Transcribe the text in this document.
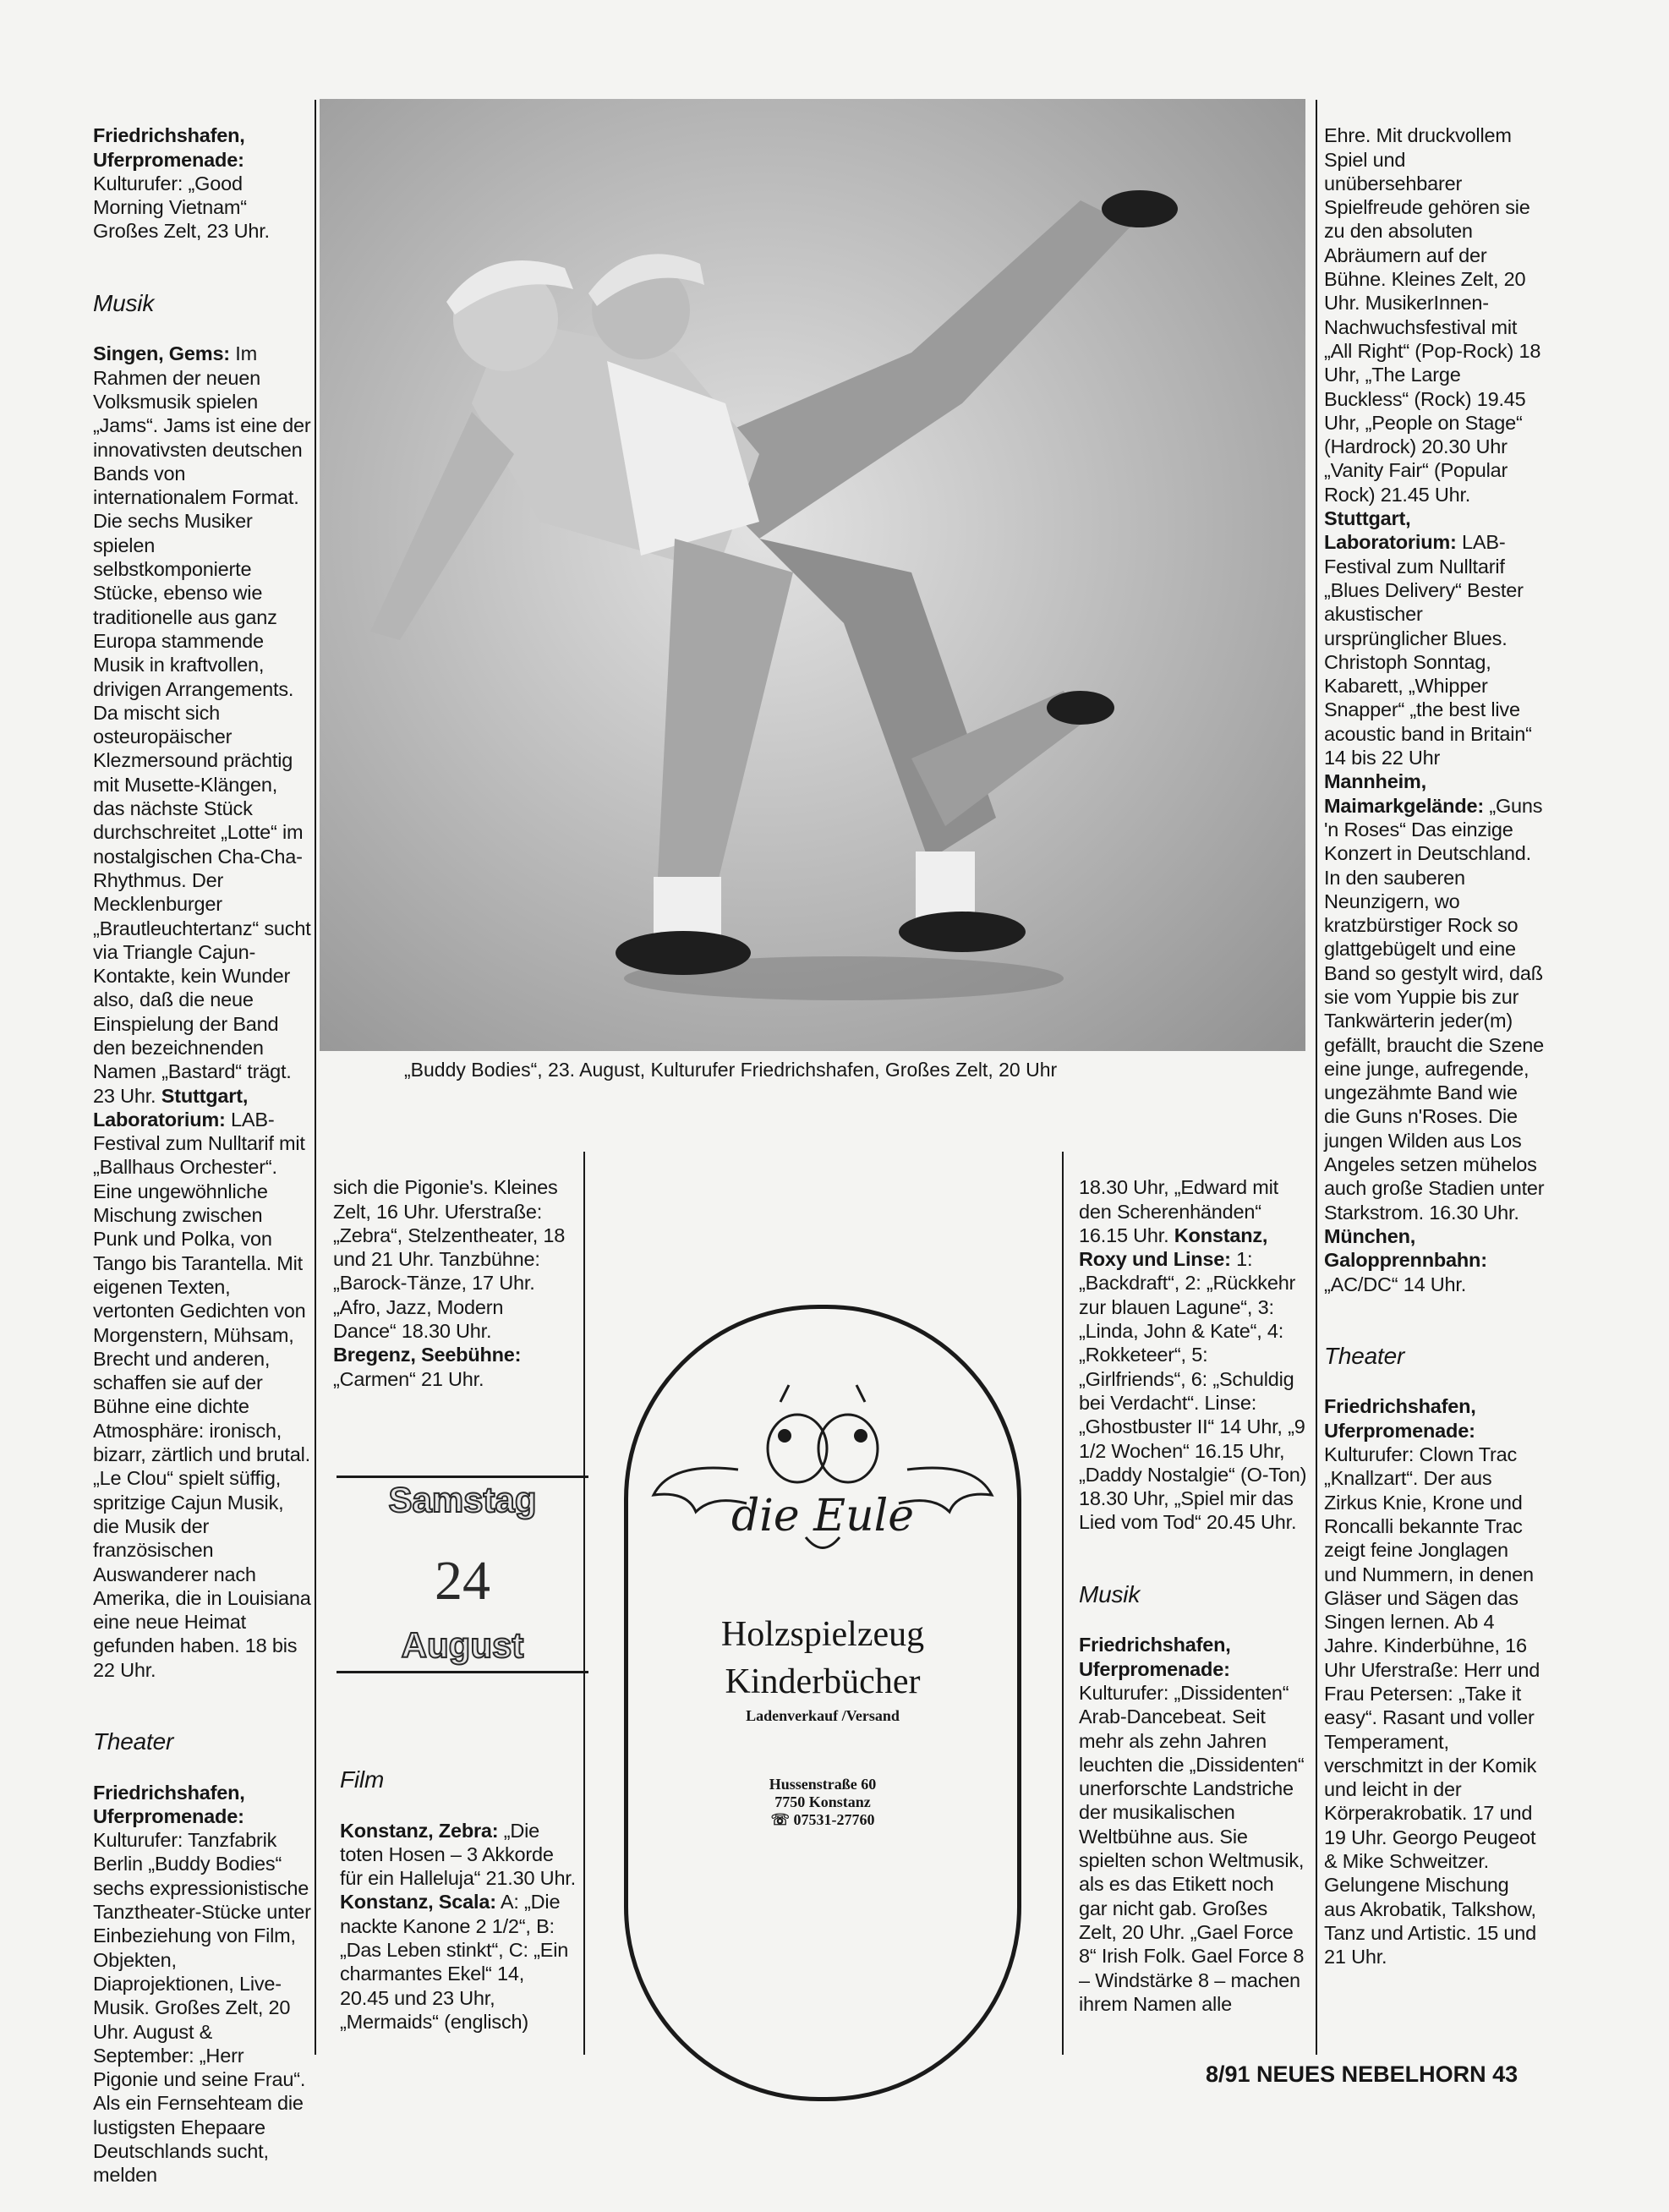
Friedrichshafen, Uferpromenade: Kulturufer: „Good Morning Vietnam“ Großes Zelt, 23 Uhr.

Musik

Singen, Gems: Im Rahmen der neuen Volksmusik spielen „Jams“. Jams ist eine der innovativsten deutschen Bands von internationalem Format. Die sechs Musiker spielen selbstkomponierte Stücke, ebenso wie traditionelle aus ganz Europa stammende Musik in kraftvollen, drivigen Arrangements. Da mischt sich osteuropäischer Klezmersound prächtig mit Musette-Klängen, das nächste Stück durchschreitet „Lotte“ im nostalgischen Cha-Cha-Rhythmus. Der Mecklenburger „Brautleuchtertanz“ sucht via Triangle Cajun-Kontakte, kein Wunder also, daß die neue Einspielung der Band den bezeichnenden Namen „Bastard“ trägt. 23 Uhr. Stuttgart, Laboratorium: LAB-Festival zum Nulltarif mit „Ballhaus Orchester“. Eine ungewöhnliche Mischung zwischen Punk und Polka, von Tango bis Tarantella. Mit eigenen Texten, vertonten Gedichten von Morgenstern, Mühsam, Brecht und anderen, schaffen sie auf der Bühne eine dichte Atmosphäre: ironisch, bizarr, zärtlich und brutal. „Le Clou“ spielt süffig, spritzige Cajun Musik, die Musik der französischen Auswanderer nach Amerika, die in Louisiana eine neue Heimat gefunden haben. 18 bis 22 Uhr.

Theater

Friedrichshafen, Uferpromenade: Kulturufer: Tanzfabrik Berlin „Buddy Bodies“ sechs expressionistische Tanztheater-Stücke unter Einbeziehung von Film, Objekten, Diaprojektionen, Live-Musik. Großes Zelt, 20 Uhr. August & September: „Herr Pigonie und seine Frau“. Als ein Fernsehteam die lustigsten Ehepaare Deutschlands sucht, melden

„Buddy Bodies“, 23. August, Kulturufer Friedrichshafen, Großes Zelt, 20 Uhr

sich die Pigonie's. Kleines Zelt, 16 Uhr. Uferstraße: „Zebra“, Stelzentheater, 18 und 21 Uhr. Tanzbühne: „Barock-Tänze, 17 Uhr. „Afro, Jazz, Modern Dance“ 18.30 Uhr. Bregenz, Seebühne: „Carmen“ 21 Uhr.

Samstag
24
August

Film

Konstanz, Zebra: „Die toten Hosen – 3 Akkorde für ein Halleluja“ 21.30 Uhr. Konstanz, Scala: A: „Die nackte Kanone 2 1/2“, B: „Das Leben stinkt“, C: „Ein charmantes Ekel“ 14, 20.45 und 23 Uhr, „Mermaids“ (englisch)

die Eule
Holzspielzeug
Kinderbücher
Ladenverkauf /Versand
Hussenstraße 60
7750 Konstanz
☏ 07531-27760

18.30 Uhr, „Edward mit den Scherenhänden“ 16.15 Uhr. Konstanz, Roxy und Linse: 1: „Backdraft“, 2: „Rückkehr zur blauen Lagune“, 3: „Linda, John & Kate“, 4: „Rokketeer“, 5: „Girlfriends“, 6: „Schuldig bei Verdacht“. Linse: „Ghostbuster II“ 14 Uhr, „9 1/2 Wochen“ 16.15 Uhr, „Daddy Nostalgie“ (O-Ton) 18.30 Uhr, „Spiel mir das Lied vom Tod“ 20.45 Uhr.

Musik

Friedrichshafen, Uferpromenade: Kulturufer: „Dissidenten“ Arab-Dancebeat. Seit mehr als zehn Jahren leuchten die „Dissidenten“ unerforschte Landstriche der musikalischen Weltbühne aus. Sie spielten schon Weltmusik, als es das Etikett noch gar nicht gab. Großes Zelt, 20 Uhr. „Gael Force 8“ Irish Folk. Gael Force 8 – Windstärke 8 – machen ihrem Namen alle

Ehre. Mit druckvollem Spiel und unübersehbarer Spielfreude gehören sie zu den absoluten Abräumern auf der Bühne. Kleines Zelt, 20 Uhr. MusikerInnen-Nachwuchsfestival mit „All Right“ (Pop-Rock) 18 Uhr, „The Large Buckless“ (Rock) 19.45 Uhr, „People on Stage“ (Hardrock) 20.30 Uhr „Vanity Fair“ (Popular Rock) 21.45 Uhr. Stuttgart, Laboratorium: LAB-Festival zum Nulltarif „Blues Delivery“ Bester akustischer ursprünglicher Blues. Christoph Sonntag, Kabarett, „Whipper Snapper“ „the best live acoustic band in Britain“ 14 bis 22 Uhr Mannheim, Maimarkgelände: „Guns 'n Roses“ Das einzige Konzert in Deutschland. In den sauberen Neunzigern, wo kratzbürstiger Rock so glattgebügelt und eine Band so gestylt wird, daß sie vom Yuppie bis zur Tankwärterin jeder(m) gefällt, braucht die Szene eine junge, aufregende, ungezähmte Band wie die Guns n'Roses. Die jungen Wilden aus Los Angeles setzen mühelos auch große Stadien unter Starkstrom. 16.30 Uhr. München, Galopprennbahn: „AC/DC“ 14 Uhr.

Theater

Friedrichshafen, Uferpromenade: Kulturufer: Clown Trac „Knallzart“. Der aus Zirkus Knie, Krone und Roncalli bekannte Trac zeigt feine Jonglagen und Nummern, in denen Gläser und Sägen das Singen lernen. Ab 4 Jahre. Kinderbühne, 16 Uhr Uferstraße: Herr und Frau Petersen: „Take it easy“. Rasant und voller Temperament, verschmitzt in der Komik und leicht in der Körperakrobatik. 17 und 19 Uhr. Georgo Peugeot & Mike Schweitzer. Gelungene Mischung aus Akrobatik, Talkshow, Tanz und Artistic. 15 und 21 Uhr.

8/91 NEUES NEBELHORN 43
